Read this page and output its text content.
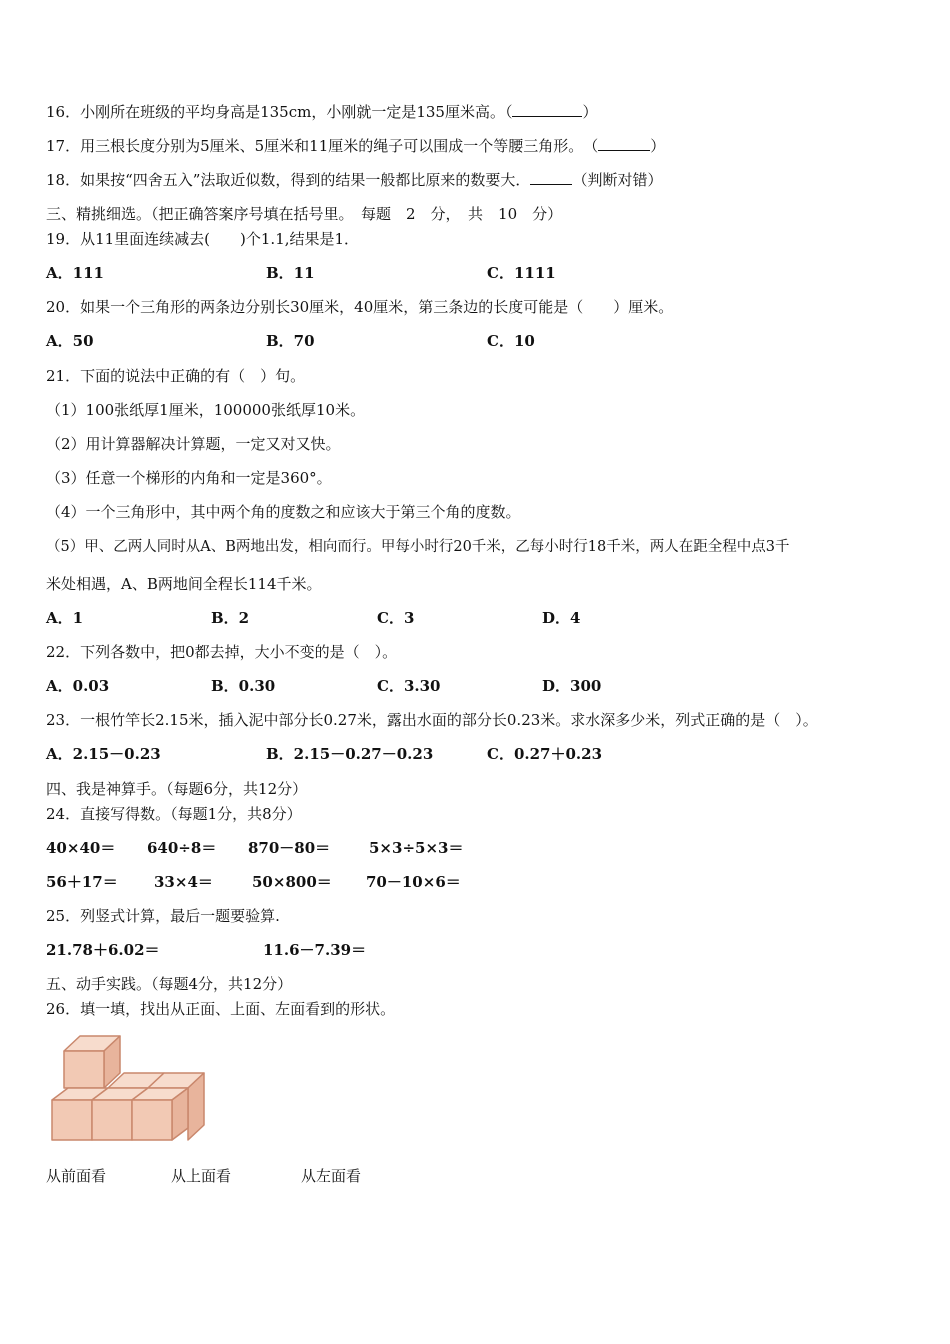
16．小刚所在班级的平均身高是135cm，小刚就一定是135厘米高。（	）
17．用三根长度分别为5厘米、5厘米和11厘米的绳子可以围成一个等腰三角形。　（	）
18．如果按“四舍五入”法取近似数，得到的结果一般都比原来的数要大．	（判断对错）
三、精挑细选。（把正确答案序号填在括号里。　每题　2　分，　共　10　分）
19．从11里面连续减去(　　)个1.1,结果是1．
A．111	B．11	C．1111
20．如果一个三角形的两条边分别长30厘米，40厘米，第三条边的长度可能是（　　）厘米。
A．50	B．70	C．10
21．下面的说法中正确的有（　）句。
（1）100张纸厚1厘米，100000张纸厚10米。
（2）用计算器解决计算题，一定又对又快。
（3）任意一个梯形的内角和一定是360°。
（4）一个三角形中，其中两个角的度数之和应该大于第三个角的度数。
（5）甲、乙两人同时从A、B两地出发，相向而行。甲每小时行20千米，乙每小时行18千米，两人在距全程中点3千
米处相遇，A、B两地间全程长114千米。
A．1	B．2	C．3	D．4
22．下列各数中，把0都去掉，大小不变的是（　）。
A．0.03	B．0.30	C．3.30	D．300
23．一根竹竿长2.15米，插入泥中部分长0.27米，露出水面的部分长0.23米。求水深多少米，列式正确的是（　）。
A．2.15－0.23	B．2.15－0.27－0.23	C．0.27＋0.23
四、我是神算手。（每题6分，共12分）
24．直接写得数。（每题1分，共8分）
40×40＝ 640÷8＝ 870－80＝	5×3÷5×3＝
56＋17＝ 33×4＝	50×800＝ 70－10×6＝
25．列竖式计算，最后一题要验算.
21.78＋6.02＝	11.6－7.39＝
五、动手实践。（每题4分，共12分）
26．填一填，找出从正面、上面、左面看到的形状。
从前面看	从上面看	从左面看
